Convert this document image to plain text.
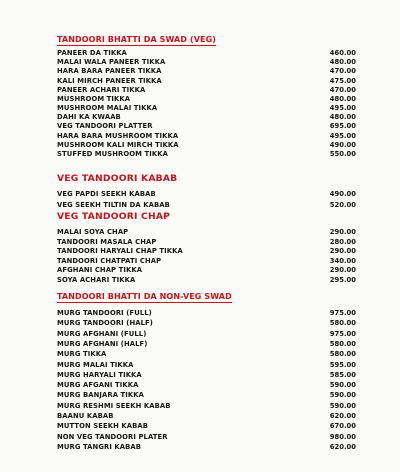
TANDOORI BHATTI DA SWAD (VEG)
PANEER DA TIKKA	460.00
MALAI WALA PANEER TIKKA	480.00
HARA BARA PANEER TIKKA	470.00
KALI MIRCH PANEER TIKKA	475.00
PANEER ACHARI TIKKA	470.00
MUSHROOM TIKKA	480.00
MUSHROOM MALAI TIKKA	495.00
DAHI KA KWAAB	480.00
VEG TANDOORI PLATTER	695.00
HARA BARA MUSHROOM TIKKA	495.00
MUSHROOM KALI MIRCH TIKKA	490.00
STUFFED MUSHROOM TIKKA	550.00
VEG TANDOORI KABAB
VEG PAPDI SEEKH KABAB	490.00
VEG SEEKH TILTIN DA KABAB	520.00
VEG TANDOORI CHAP
MALAI SOYA CHAP	290.00
TANDOORI MASALA CHAP	280.00
TANDOORI HARYALI CHAP TIKKA	290.00
TANDOORI CHATPATI CHAP	340.00
AFGHANI CHAP TIKKA	290.00
SOYA ACHARI TIKKA	295.00
TANDOORI BHATTI DA NON-VEG SWAD
MURG TANDOORI (FULL)	975.00
MURG TANDOORI (HALF)	580.00
MURG AFGHANI (FULL)	975.00
MURG AFGHANI (HALF)	580.00
MURG TIKKA	580.00
MURG MALAI TIKKA	595.00
MURG HARYALI TIKKA	585.00
MURG AFGANI TIKKA	590.00
MURG BANJARA TIKKA	590.00
MURG RESHMI SEEKH KABAB	590.00
BAANU KABAB	620.00
MUTTON SEEKH KABAB	670.00
NON VEG TANDOORI PLATER	980.00
MURG TANGRI KABAB	620.00
